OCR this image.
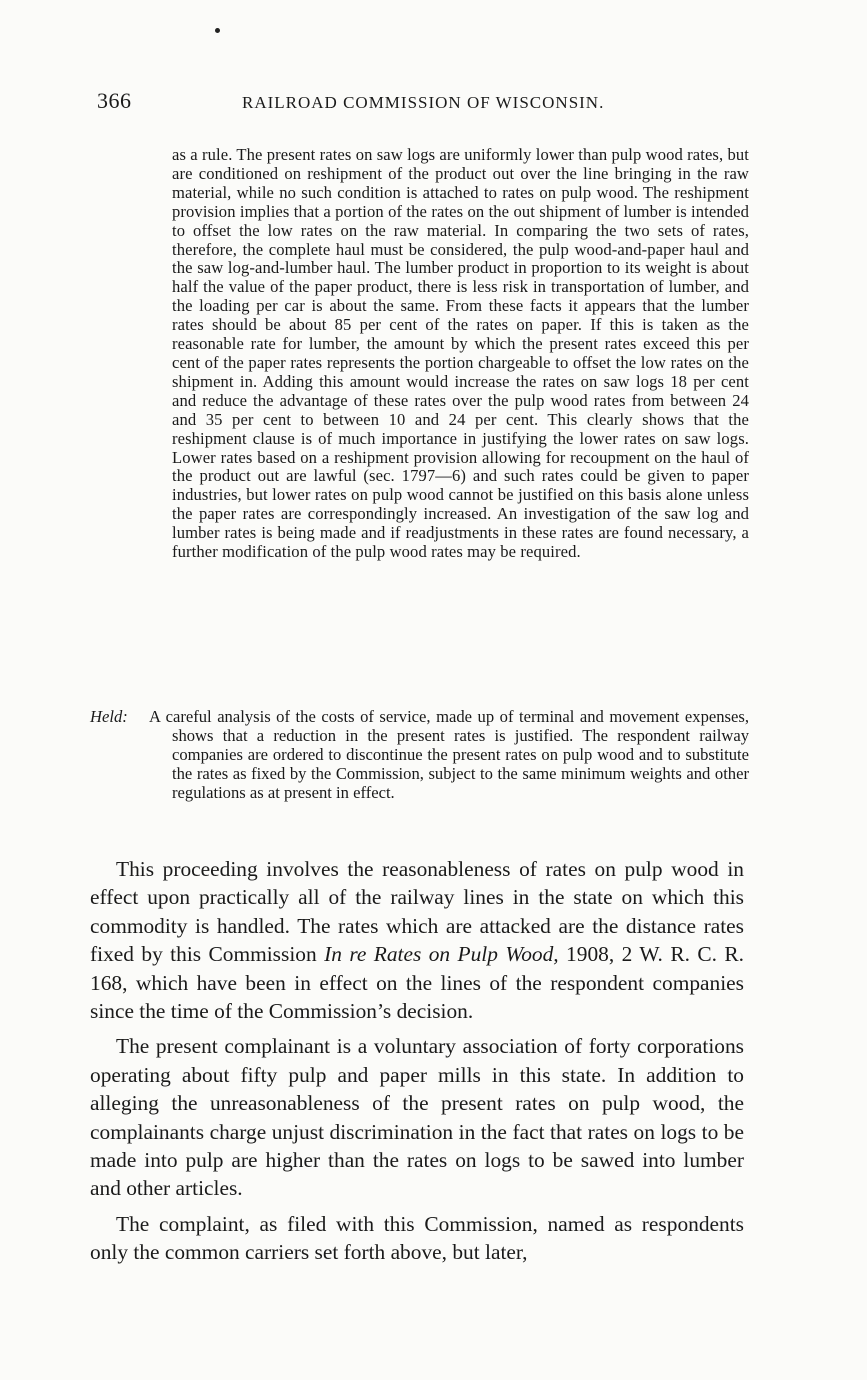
366	RAILROAD COMMISSION OF WISCONSIN.
as a rule. The present rates on saw logs are uniformly lower than pulp wood rates, but are conditioned on reshipment of the product out over the line bringing in the raw material, while no such condition is attached to rates on pulp wood. The reshipment provision implies that a portion of the rates on the out shipment of lumber is intended to offset the low rates on the raw material. In comparing the two sets of rates, therefore, the complete haul must be considered, the pulp wood-and-paper haul and the saw log-and-lumber haul. The lumber product in proportion to its weight is about half the value of the paper product, there is less risk in transportation of lumber, and the loading per car is about the same. From these facts it appears that the lumber rates should be about 85 per cent of the rates on paper. If this is taken as the reasonable rate for lumber, the amount by which the present rates exceed this per cent of the paper rates represents the portion chargeable to offset the low rates on the shipment in. Adding this amount would increase the rates on saw logs 18 per cent and reduce the advantage of these rates over the pulp wood rates from between 24 and 35 per cent to between 10 and 24 per cent. This clearly shows that the reshipment clause is of much importance in justifying the lower rates on saw logs. Lower rates based on a reshipment provision allowing for recoupment on the haul of the product out are lawful (sec. 1797—6) and such rates could be given to paper industries, but lower rates on pulp wood cannot be justified on this basis alone unless the paper rates are correspondingly increased. An investigation of the saw log and lumber rates is being made and if readjustments in these rates are found necessary, a further modification of the pulp wood rates may be required.
Held: A careful analysis of the costs of service, made up of terminal and movement expenses, shows that a reduction in the present rates is justified. The respondent railway companies are ordered to discontinue the present rates on pulp wood and to substitute the rates as fixed by the Commission, subject to the same minimum weights and other regulations as at present in effect.

This proceeding involves the reasonableness of rates on pulp wood in effect upon practically all of the railway lines in the state on which this commodity is handled. The rates which are attacked are the distance rates fixed by this Commission In re Rates on Pulp Wood, 1908, 2 W. R. C. R. 168, which have been in effect on the lines of the respondent companies since the time of the Commission’s decision.

The present complainant is a voluntary association of forty corporations operating about fifty pulp and paper mills in this state. In addition to alleging the unreasonableness of the present rates on pulp wood, the complainants charge unjust discrimination in the fact that rates on logs to be made into pulp are higher than the rates on logs to be sawed into lumber and other articles.

The complaint, as filed with this Commission, named as respondents only the common carriers set forth above, but later,
